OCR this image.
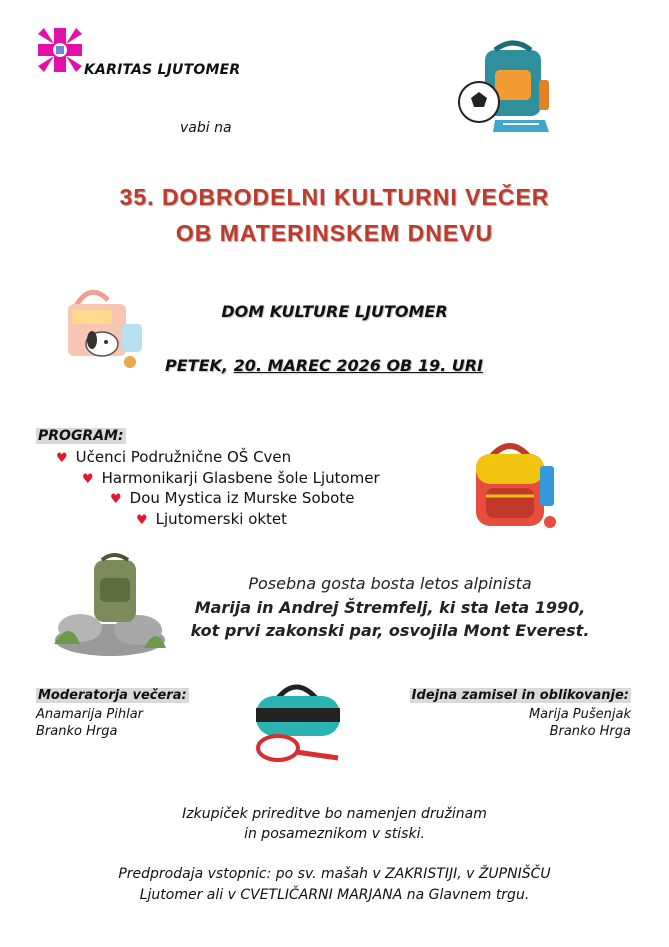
KARITAS LJUTOMER
vabi na
35. DOBRODELNI KULTURNI VEČER
OB MATERINSKEM DNEVU
DOM KULTURE LJUTOMER
PETEK, 20. MAREC 2026 OB 19. URI
PROGRAM:
♥ Učenci Podružnične OŠ Cven
♥ Harmonikarji Glasbene šole Ljutomer
♥ Dou Mystica iz Murske Sobote
♥ Ljutomerski oktet
Posebna gosta bosta letos alpinista
Marija in Andrej Štremfelj, ki sta leta 1990,
kot prvi zakonski par, osvojila Mont Everest.
Moderatorja večera:
Anamarija Pihlar
Branko Hrga
Idejna zamisel in oblikovanje:
Marija Pušenjak
Branko Hrga
Izkupiček prireditve bo namenjen družinam
in posameznikom v stiski.
Predprodaja vstopnic: po sv. mašah v ZAKRISTIJI, v ŽUPNIŠČU
Ljutomer ali v CVETLIČARNI MARJANA na Glavnem trgu.
